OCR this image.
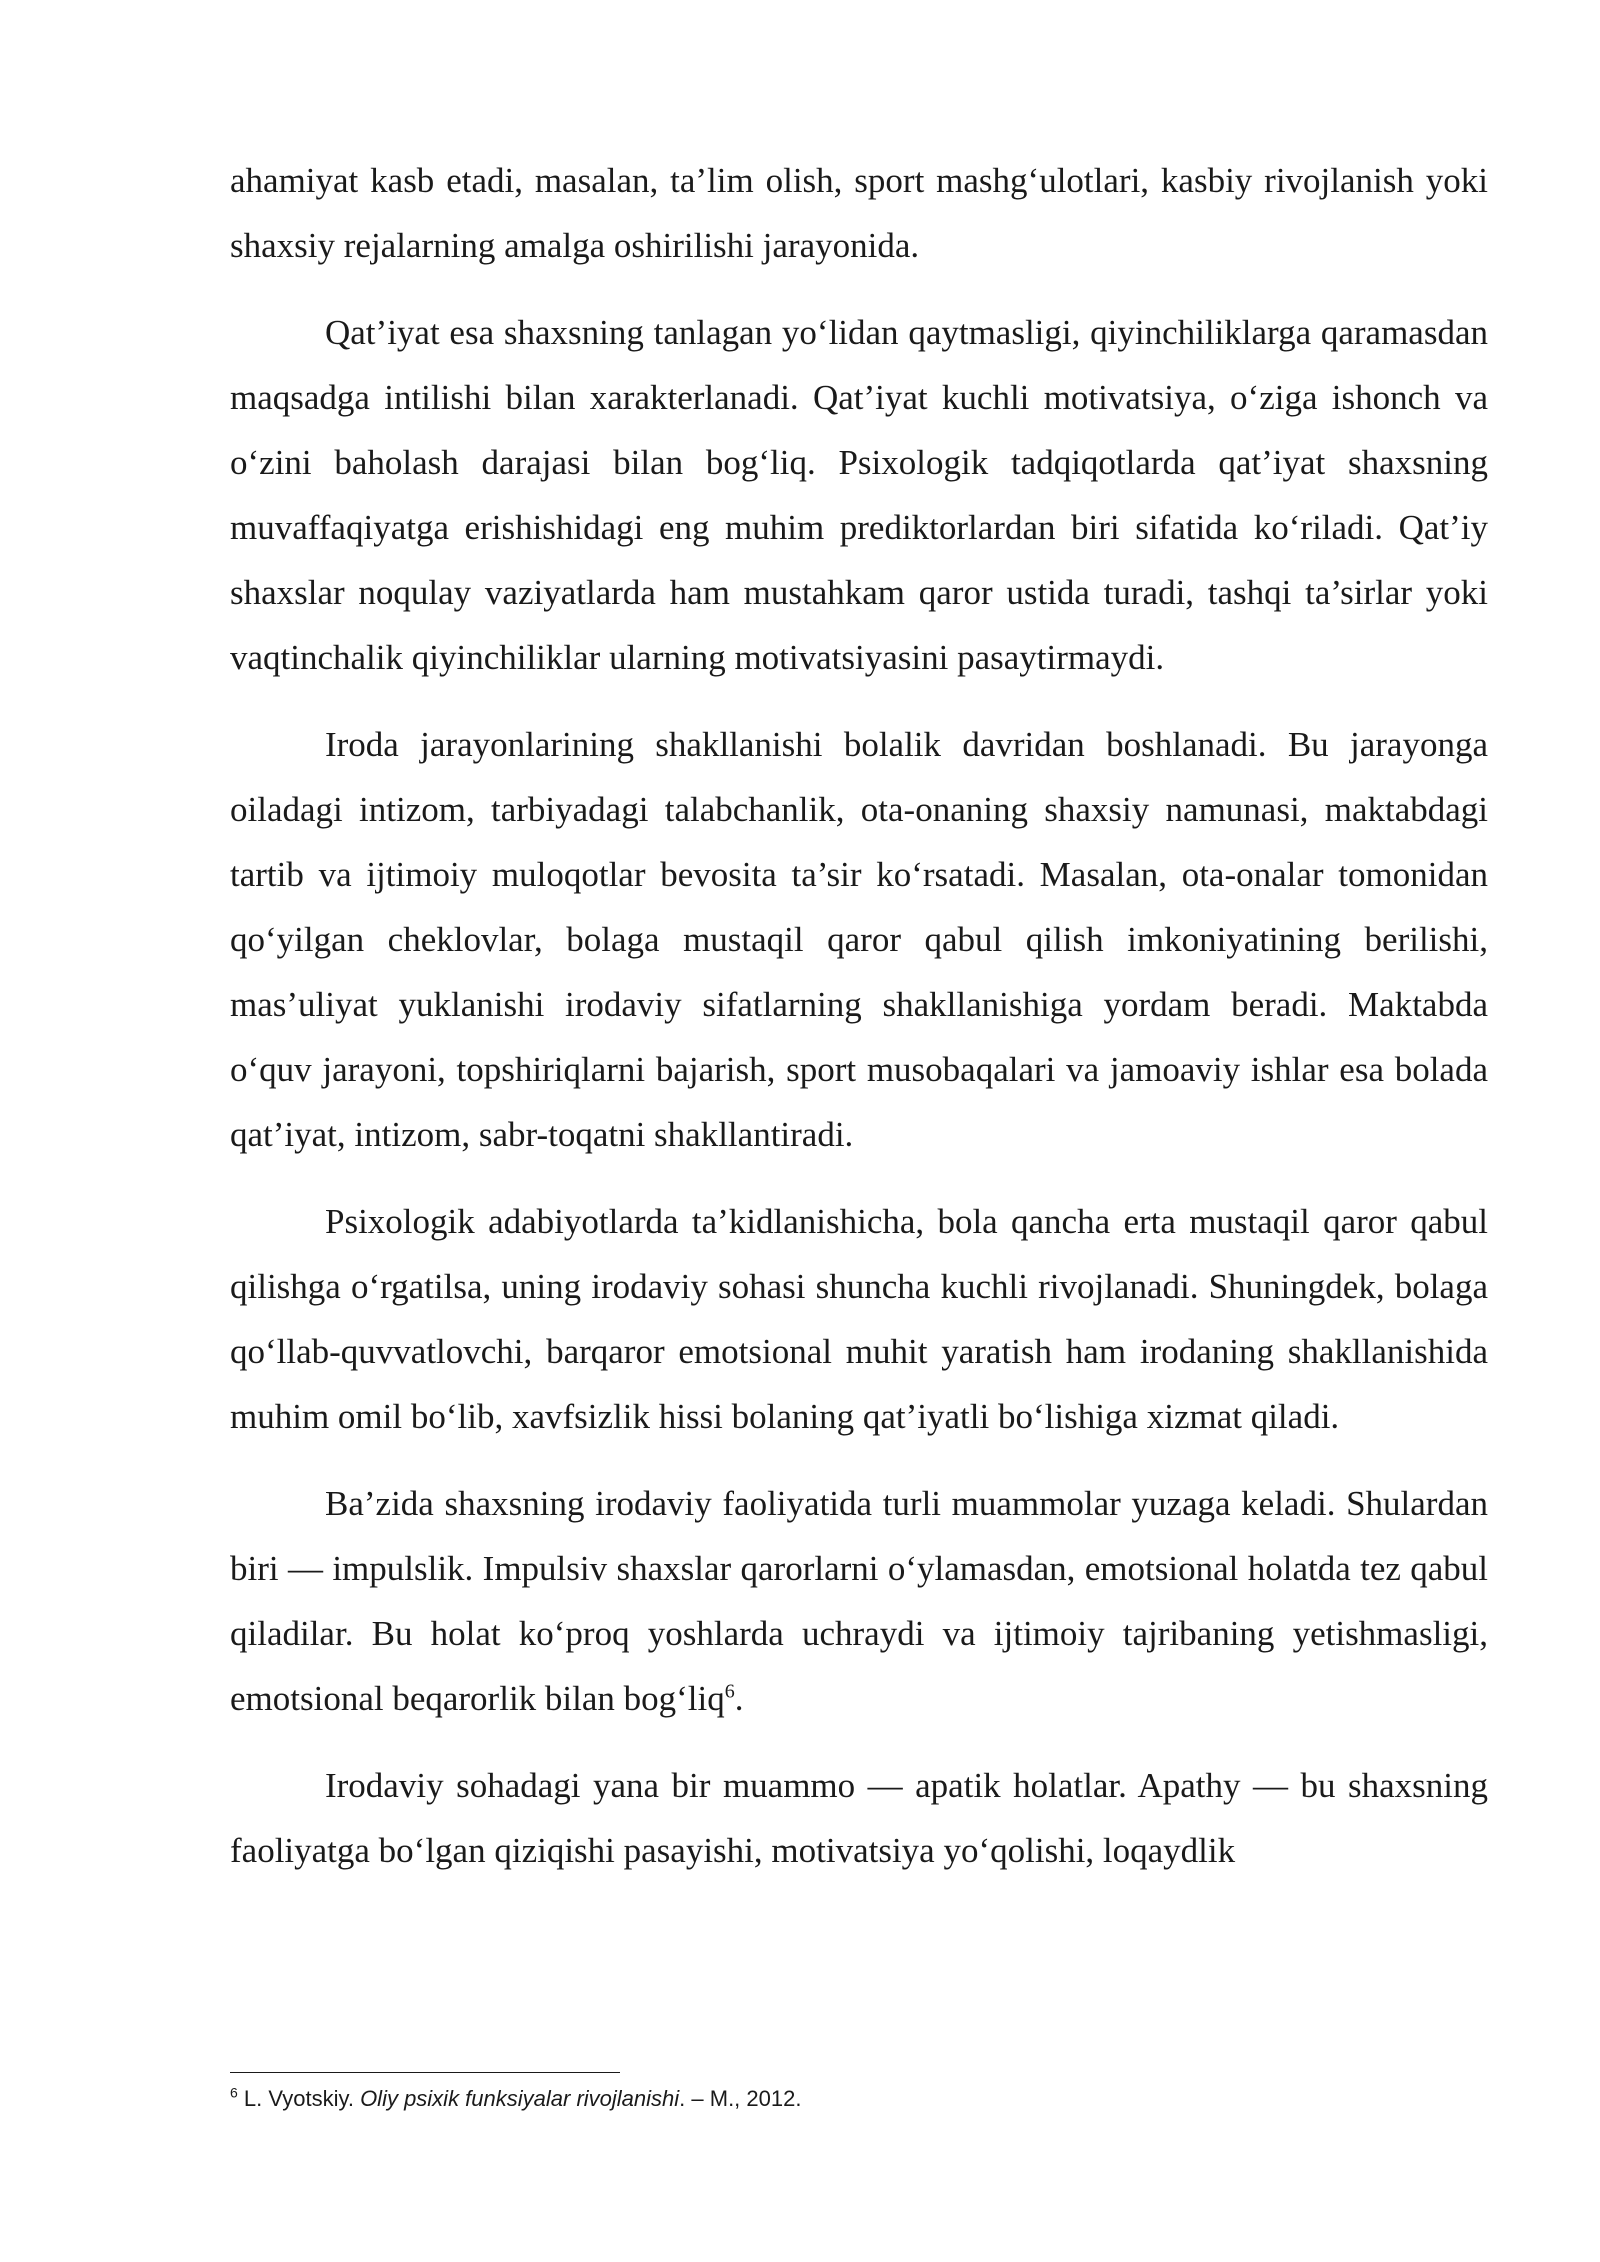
ahamiyat kasb etadi, masalan, ta’lim olish, sport mashg‘ulotlari, kasbiy rivojlanish yoki shaxsiy rejalarning amalga oshirilishi jarayonida.

Qat’iyat esa shaxsning tanlagan yo‘lidan qaytmasligi, qiyinchiliklarga qaramasdan maqsadga intilishi bilan xarakterlanadi. Qat’iyat kuchli motivatsiya, o‘ziga ishonch va o‘zini baholash darajasi bilan bog‘liq. Psixologik tadqiqotlarda qat’iyat shaxsning muvaffaqiyatga erishishidagi eng muhim prediktorlardan biri sifatida ko‘riladi. Qat’iy shaxslar noqulay vaziyatlarda ham mustahkam qaror ustida turadi, tashqi ta’sirlar yoki vaqtinchalik qiyinchiliklar ularning motivatsiyasini pasaytirmaydi.

Iroda jarayonlarining shakllanishi bolalik davridan boshlanadi. Bu jarayonga oiladagi intizom, tarbiyadagi talabchanlik, ota-onaning shaxsiy namunasi, maktabdagi tartib va ijtimoiy muloqotlar bevosita ta’sir ko‘rsatadi. Masalan, ota-onalar tomonidan qo‘yilgan cheklovlar, bolaga mustaqil qaror qabul qilish imkoniyatining berilishi, mas’uliyat yuklanishi irodaviy sifatlarning shakllanishiga yordam beradi. Maktabda o‘quv jarayoni, topshiriqlarni bajarish, sport musobaqalari va jamoaviy ishlar esa bolada qat’iyat, intizom, sabr-toqatni shakllantiradi.

Psixologik adabiyotlarda ta’kidlanishicha, bola qancha erta mustaqil qaror qabul qilishga o‘rgatilsa, uning irodaviy sohasi shuncha kuchli rivojlanadi. Shuningdek, bolaga qo‘llab-quvvatlovchi, barqaror emotsional muhit yaratish ham irodaning shakllanishida muhim omil bo‘lib, xavfsizlik hissi bolaning qat’iyatli bo‘lishiga xizmat qiladi.

Ba’zida shaxsning irodaviy faoliyatida turli muammolar yuzaga keladi. Shulardan biri — impulslik. Impulsiv shaxslar qarorlarni o‘ylamasdan, emotsional holatda tez qabul qiladilar. Bu holat ko‘proq yoshlarda uchraydi va ijtimoiy tajribaning yetishmasligi, emotsional beqarorlik bilan bog‘liq$^6$.

Irodaviy sohadagi yana bir muammo — apatik holatlar. Apathy — bu shaxsning faoliyatga bo‘lgan qiziqishi pasayishi, motivatsiya yo‘qolishi, loqaydlik

$^6$ L. Vyotskiy. Oliy psixik funksiyalar rivojlanishi. – M., 2012.
